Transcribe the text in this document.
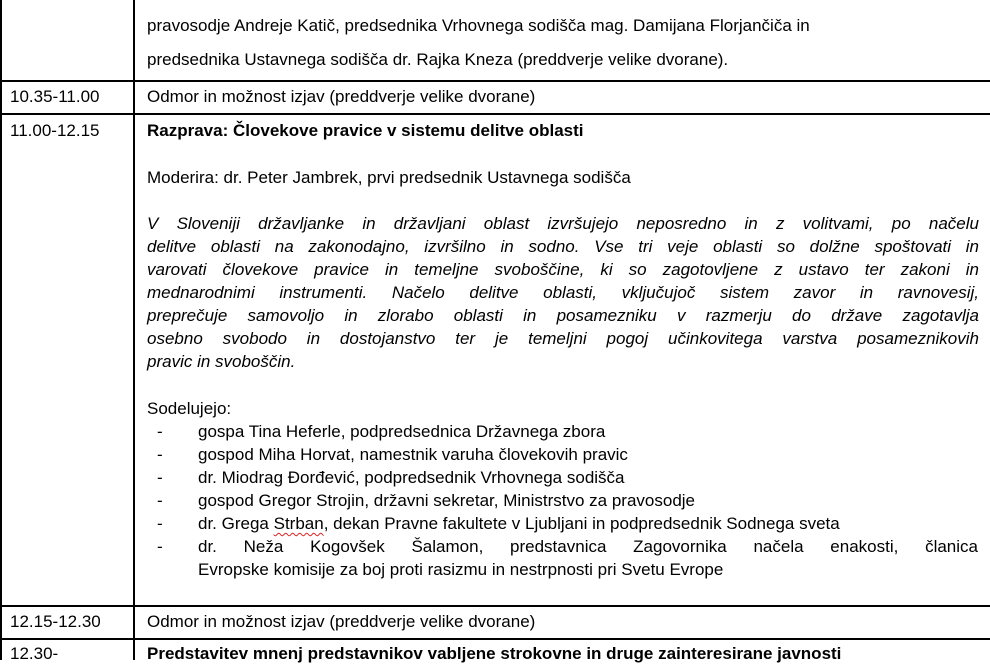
pravosodje Andreje Katič, predsednika Vrhovnega sodišča mag. Damijana Florjančiča in
predsednika Ustavnega sodišča dr. Rajka Kneza (preddverje velike dvorane).
10.35-11.00	Odmor in možnost izjav (preddverje velike dvorane)
11.00-12.15	Razprava: Človekove pravice v sistemu delitve oblasti
Moderira: dr. Peter Jambrek, prvi predsednik Ustavnega sodišča
V Sloveniji državljanke in državljani oblast izvršujejo neposredno in z volitvami, po načelu
delitve oblasti na zakonodajno, izvršilno in sodno. Vse tri veje oblasti so dolžne spoštovati in
varovati človekove pravice in temeljne svoboščine, ki so zagotovljene z ustavo ter zakoni in
mednarodnimi instrumenti. Načelo delitve oblasti, vključujoč sistem zavor in ravnovesij,
preprečuje samovoljo in zlorabo oblasti in posamezniku v razmerju do države zagotavlja
osebno svobodo in dostojanstvo ter je temeljni pogoj učinkovitega varstva posameznikovih
pravic in svoboščin.
Sodelujejo:
- gospa Tina Heferle, podpredsednica Državnega zbora
- gospod Miha Horvat, namestnik varuha človekovih pravic
- dr. Miodrag Đorđević, podpredsednik Vrhovnega sodišča
- gospod Gregor Strojin, državni sekretar, Ministrstvo za pravosodje
- dr. Grega Strban, dekan Pravne fakultete v Ljubljani in podpredsednik Sodnega sveta
- dr. Neža Kogovšek Šalamon, predstavnica Zagovornika načela enakosti, članica
Evropske komisije za boj proti rasizmu in nestrpnosti pri Svetu Evrope
12.15-12.30	Odmor in možnost izjav (preddverje velike dvorane)
12.30-	Predstavitev mnenj predstavnikov vabljene strokovne in druge zainteresirane javnosti
